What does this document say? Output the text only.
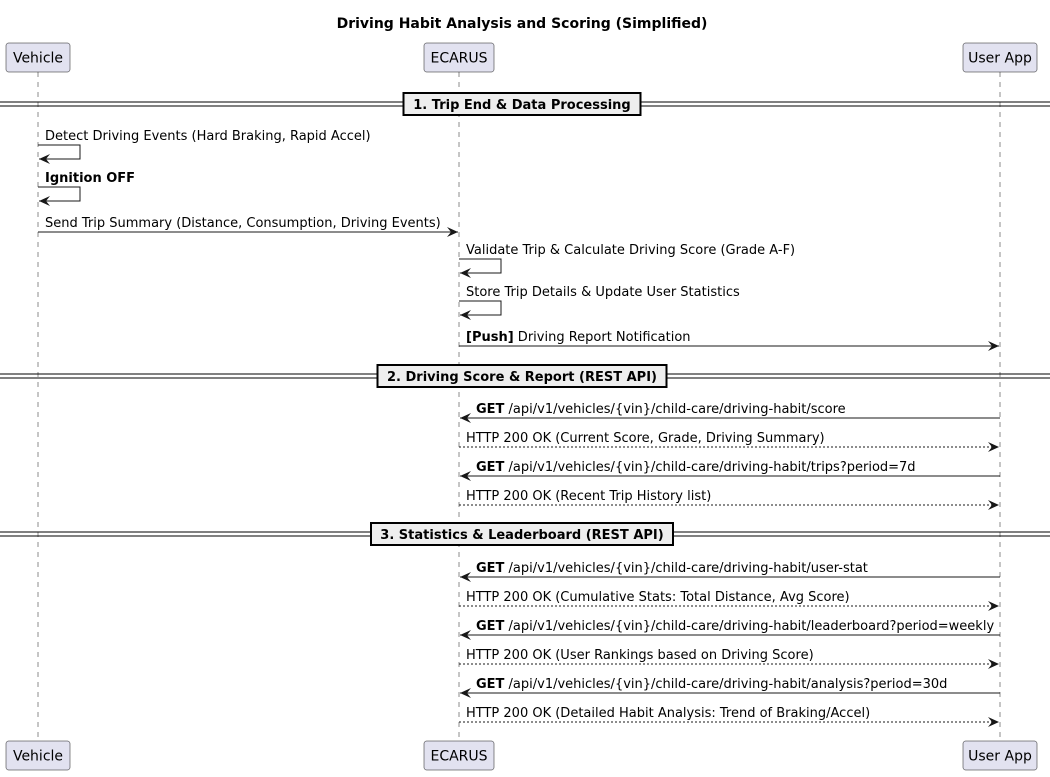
Driving Habit Analysis and Scoring (Simplified)
Vehicle	ECARUS	User App
Vehicle	ECARUS	User App
1. Trip End & Data Processing
2. Driving Score & Report (REST API)
3. Statistics & Leaderboard (REST API)
Detect Driving Events (Hard Braking, Rapid Accel)
Ignition OFF
Send Trip Summary (Distance, Consumption, Driving Events)
Validate Trip & Calculate Driving Score (Grade A-F)
Store Trip Details & Update User Statistics
[Push] Driving Report Notification
GET /api/v1/vehicles/{vin}/child-care/driving-habit/score
HTTP 200 OK (Current Score, Grade, Driving Summary)
GET /api/v1/vehicles/{vin}/child-care/driving-habit/trips?period=7d
HTTP 200 OK (Recent Trip History list)
GET /api/v1/vehicles/{vin}/child-care/driving-habit/user-stat
HTTP 200 OK (Cumulative Stats: Total Distance, Avg Score)
GET /api/v1/vehicles/{vin}/child-care/driving-habit/leaderboard?period=weekly
HTTP 200 OK (User Rankings based on Driving Score)
GET /api/v1/vehicles/{vin}/child-care/driving-habit/analysis?period=30d
HTTP 200 OK (Detailed Habit Analysis: Trend of Braking/Accel)
